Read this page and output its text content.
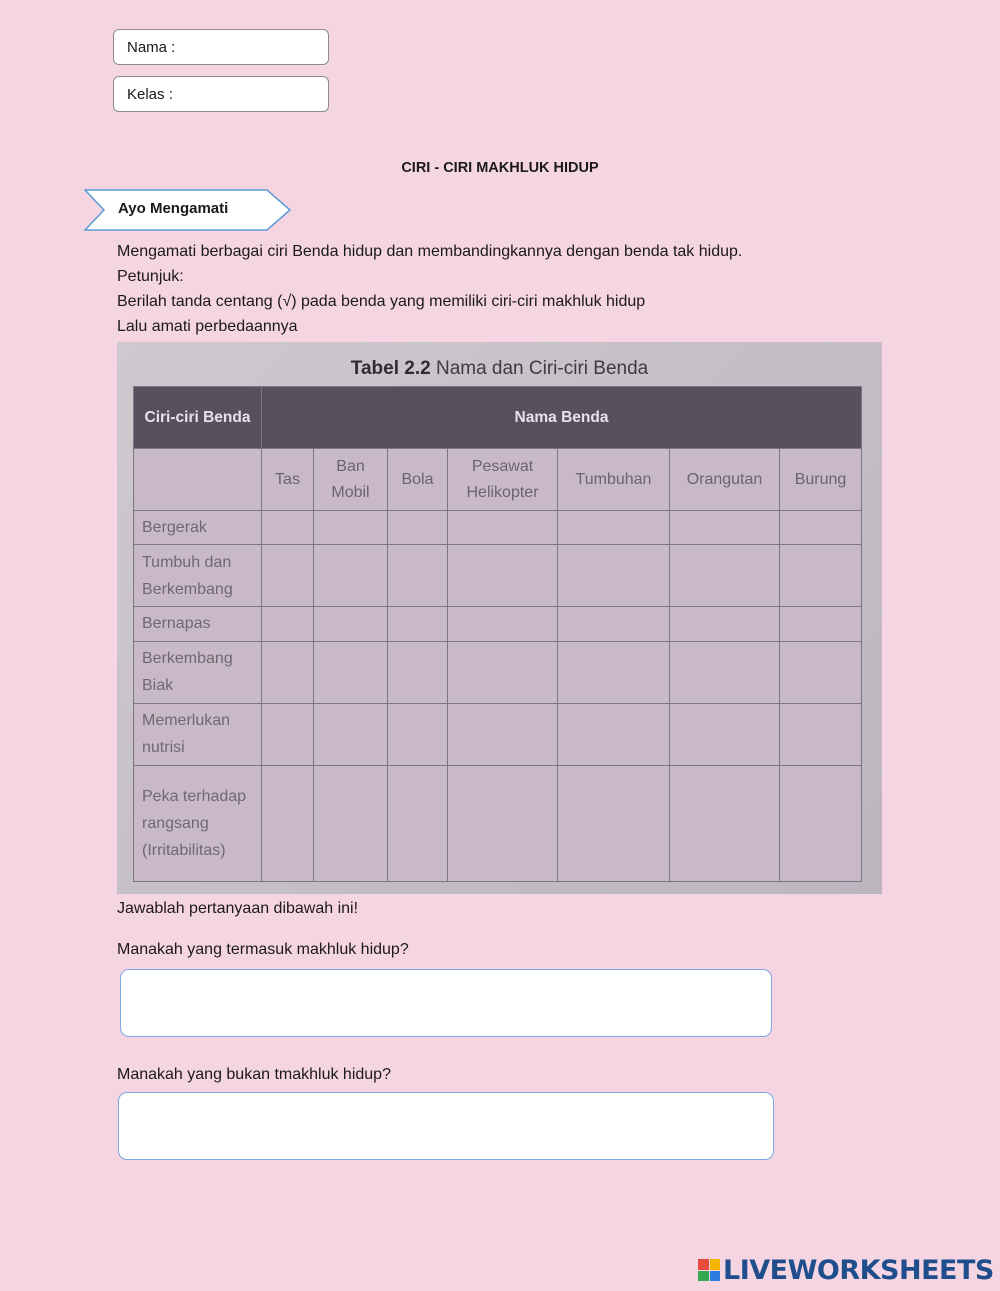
Nama :
Kelas :
CIRI - CIRI MAKHLUK HIDUP
Ayo Mengamati
Mengamati berbagai ciri Benda hidup dan membandingkannya dengan benda tak hidup.
Petunjuk:
Berilah tanda centang (√) pada benda yang memiliki ciri-ciri makhluk hidup
Lalu amati perbedaannya
Tabel 2.2 Nama dan Ciri-ciri Benda
Ciri-ciri Benda	Nama Benda						
	Tas	Ban Mobil	Bola	Pesawat Helikopter	Tumbuhan	Orangutan	Burung
Bergerak							
Tumbuh dan Berkembang							
Bernapas							
Berkembang Biak							
Memerlukan nutrisi							
Peka terhadap rangsang (Irritabilitas)							
Jawablah pertanyaan dibawah ini!
Manakah yang termasuk makhluk hidup?
Manakah yang bukan tmakhluk hidup?
LIVEWORKSHEETS
